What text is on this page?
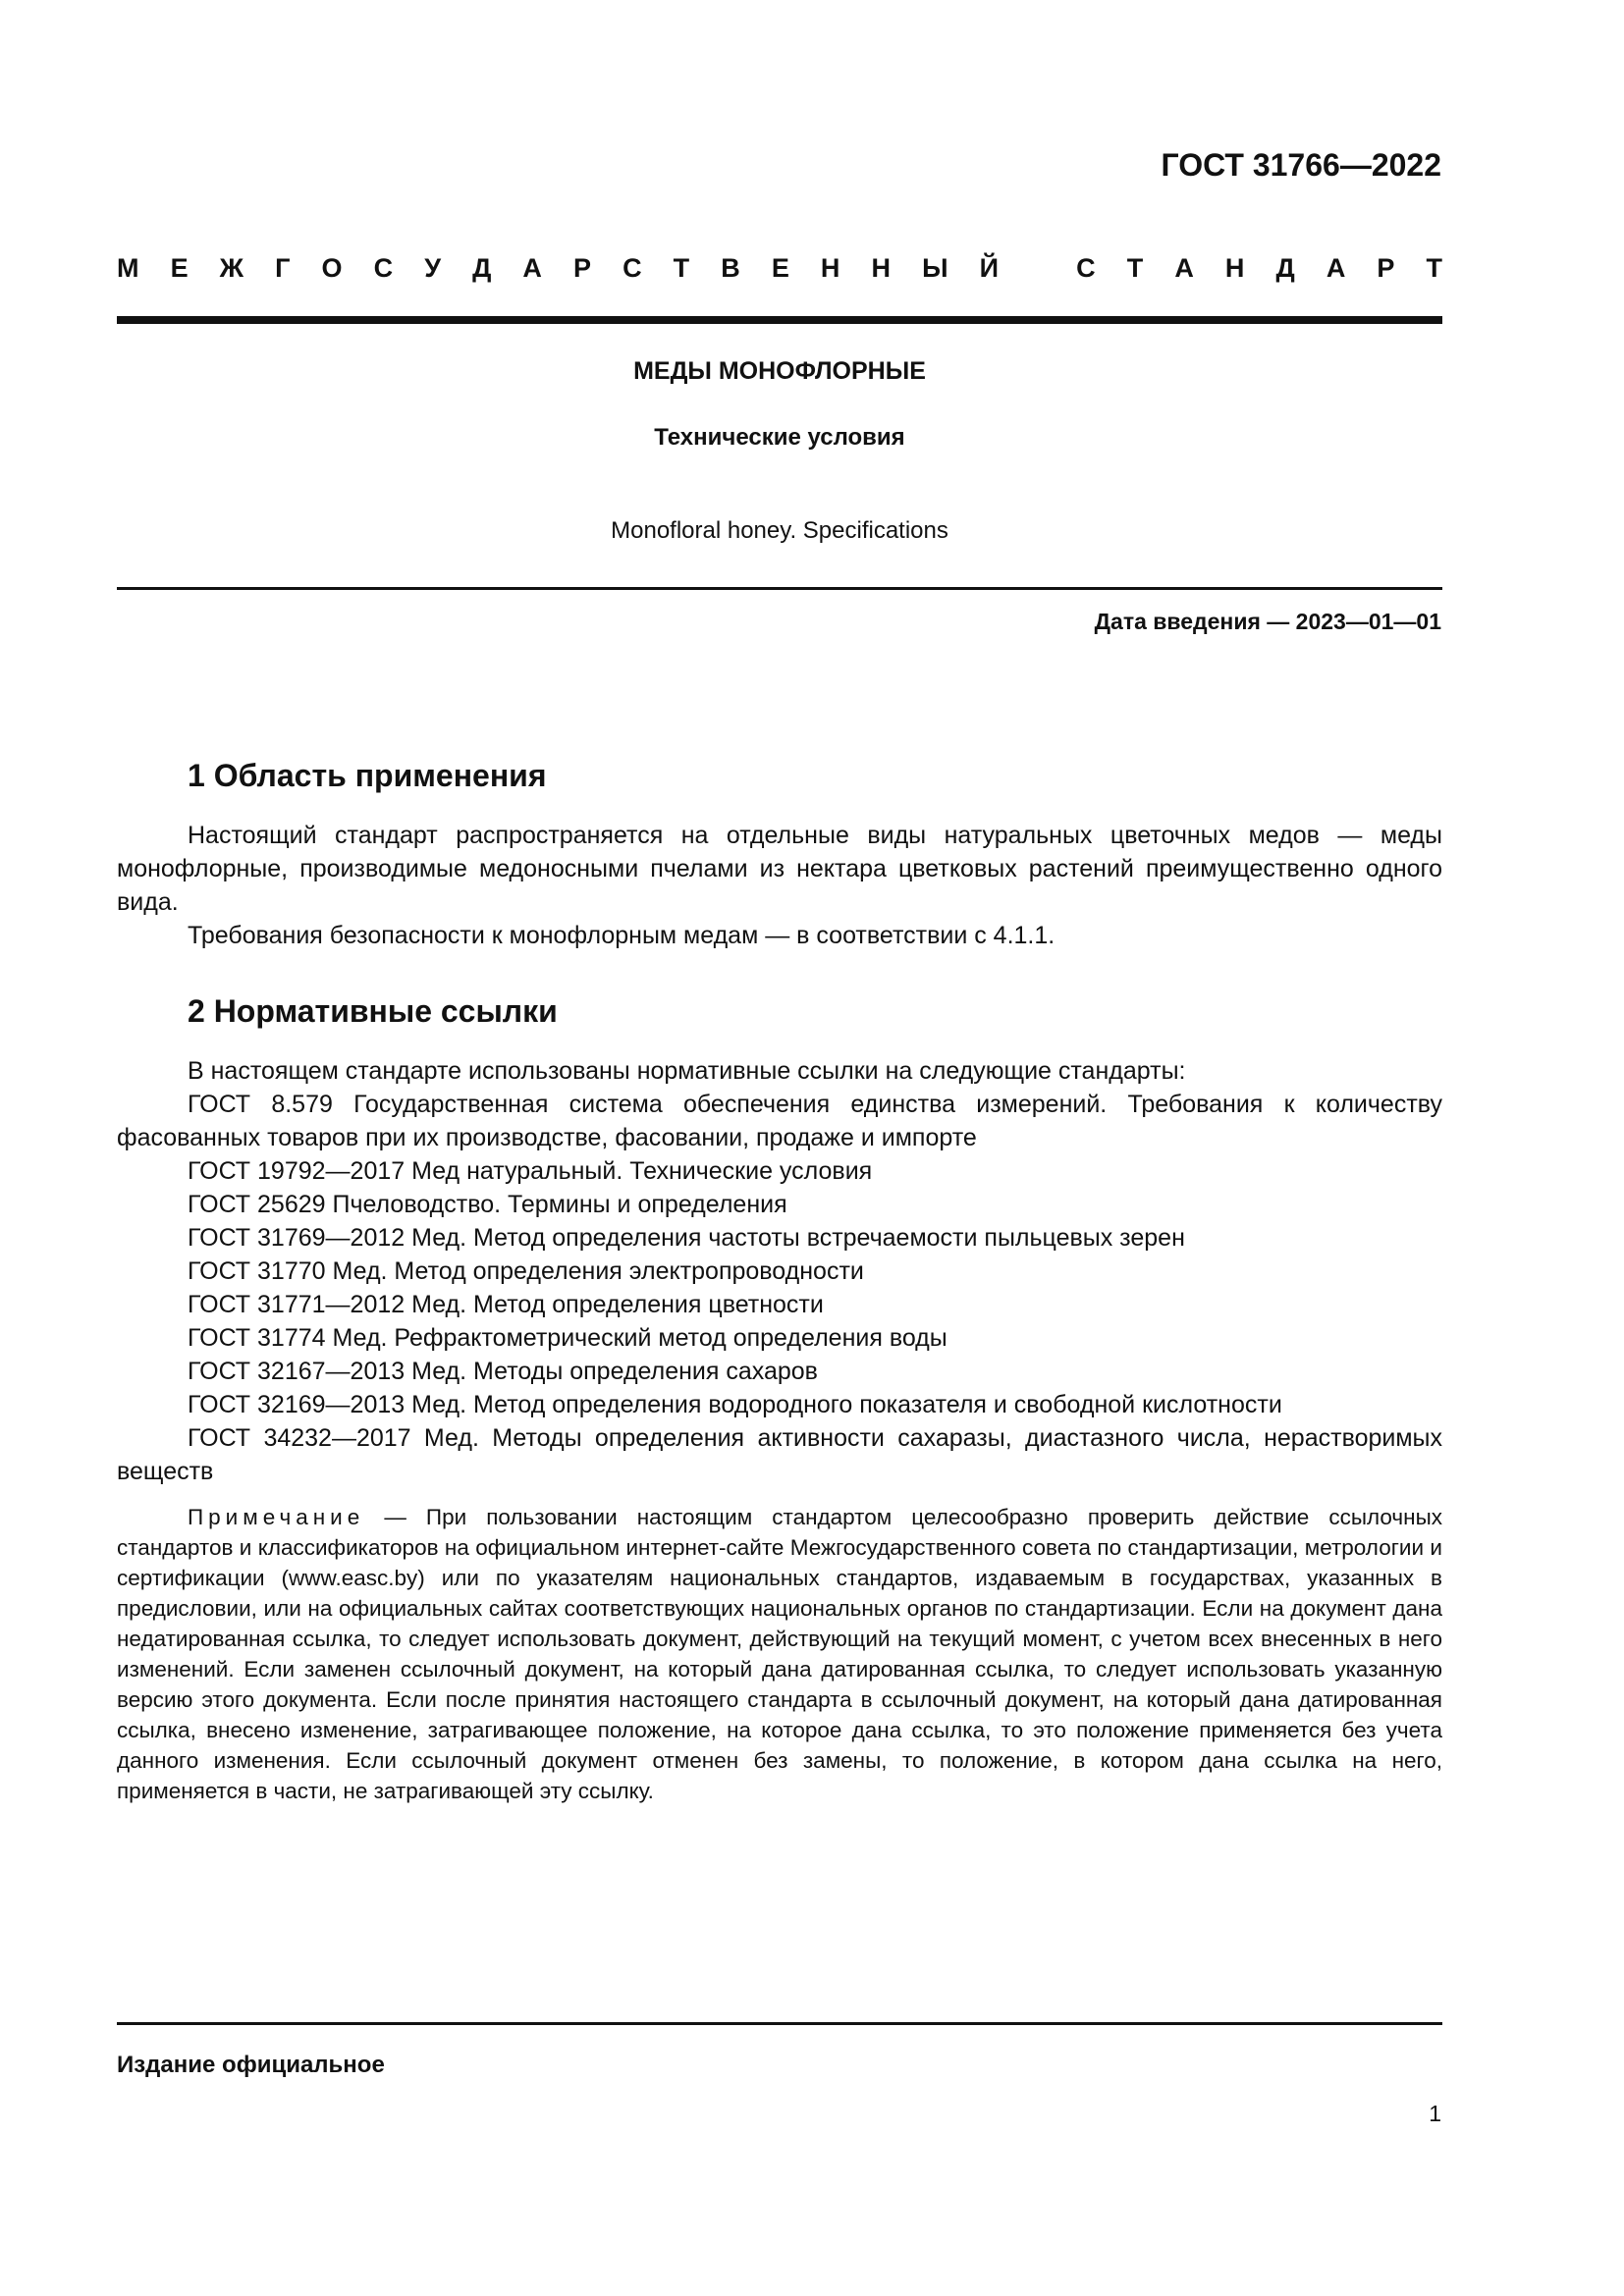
ГОСТ 31766—2022
М Е Ж Г О С У Д А Р С Т В Е Н Н Ы Й
	С Т А Н Д А Р Т
МЕДЫ МОНОФЛОРНЫЕ
Технические условия
Monofloral honey. Specifications
Дата введения — 2023—01—01
1 Область применения

Настоящий стандарт распространяется на отдельные виды натуральных цветочных медов — меды монофлорные, производимые медоносными пчелами из нектара цветковых растений преимущественно одного вида.

Требования безопасности к монофлорным медам — в соответствии с 4.1.1.

2 Нормативные ссылки
В настоящем стандарте использованы нормативные ссылки на следующие стандарты:
ГОСТ 8.579 Государственная система обеспечения единства измерений. Требования к количеству фасованных товаров при их производстве, фасовании, продаже и импорте
ГОСТ 19792—2017 Мед натуральный. Технические условия
ГОСТ 25629 Пчеловодство. Термины и определения
ГОСТ 31769—2012 Мед. Метод определения частоты встречаемости пыльцевых зерен
ГОСТ 31770 Мед. Метод определения электропроводности
ГОСТ 31771—2012 Мед. Метод определения цветности
ГОСТ 31774 Мед. Рефрактометрический метод определения воды
ГОСТ 32167—2013 Мед. Методы определения сахаров
ГОСТ 32169—2013 Мед. Метод определения водородного показателя и свободной кислотности
ГОСТ 34232—2017 Мед. Методы определения активности сахаразы, диастазного числа, нерастворимых веществ
Примечание — При пользовании настоящим стандартом целесообразно проверить действие ссылочных стандартов и классификаторов на официальном интернет-сайте Межгосударственного совета по стандартизации, метрологии и сертификации (www.easc.by) или по указателям национальных стандартов, издаваемым в государствах, указанных в предисловии, или на официальных сайтах соответствующих национальных органов по стандартизации. Если на документ дана недатированная ссылка, то следует использовать документ, действующий на текущий момент, с учетом всех внесенных в него изменений. Если заменен ссылочный документ, на который дана датированная ссылка, то следует использовать указанную версию этого документа. Если после принятия настоящего стандарта в ссылочный документ, на который дана датированная ссылка, внесено изменение, затрагивающее положение, на которое дана ссылка, то это положение применяется без учета данного изменения. Если ссылочный документ отменен без замены, то положение, в котором дана ссылка на него, применяется в части, не затрагивающей эту ссылку.
Издание официальное
1
